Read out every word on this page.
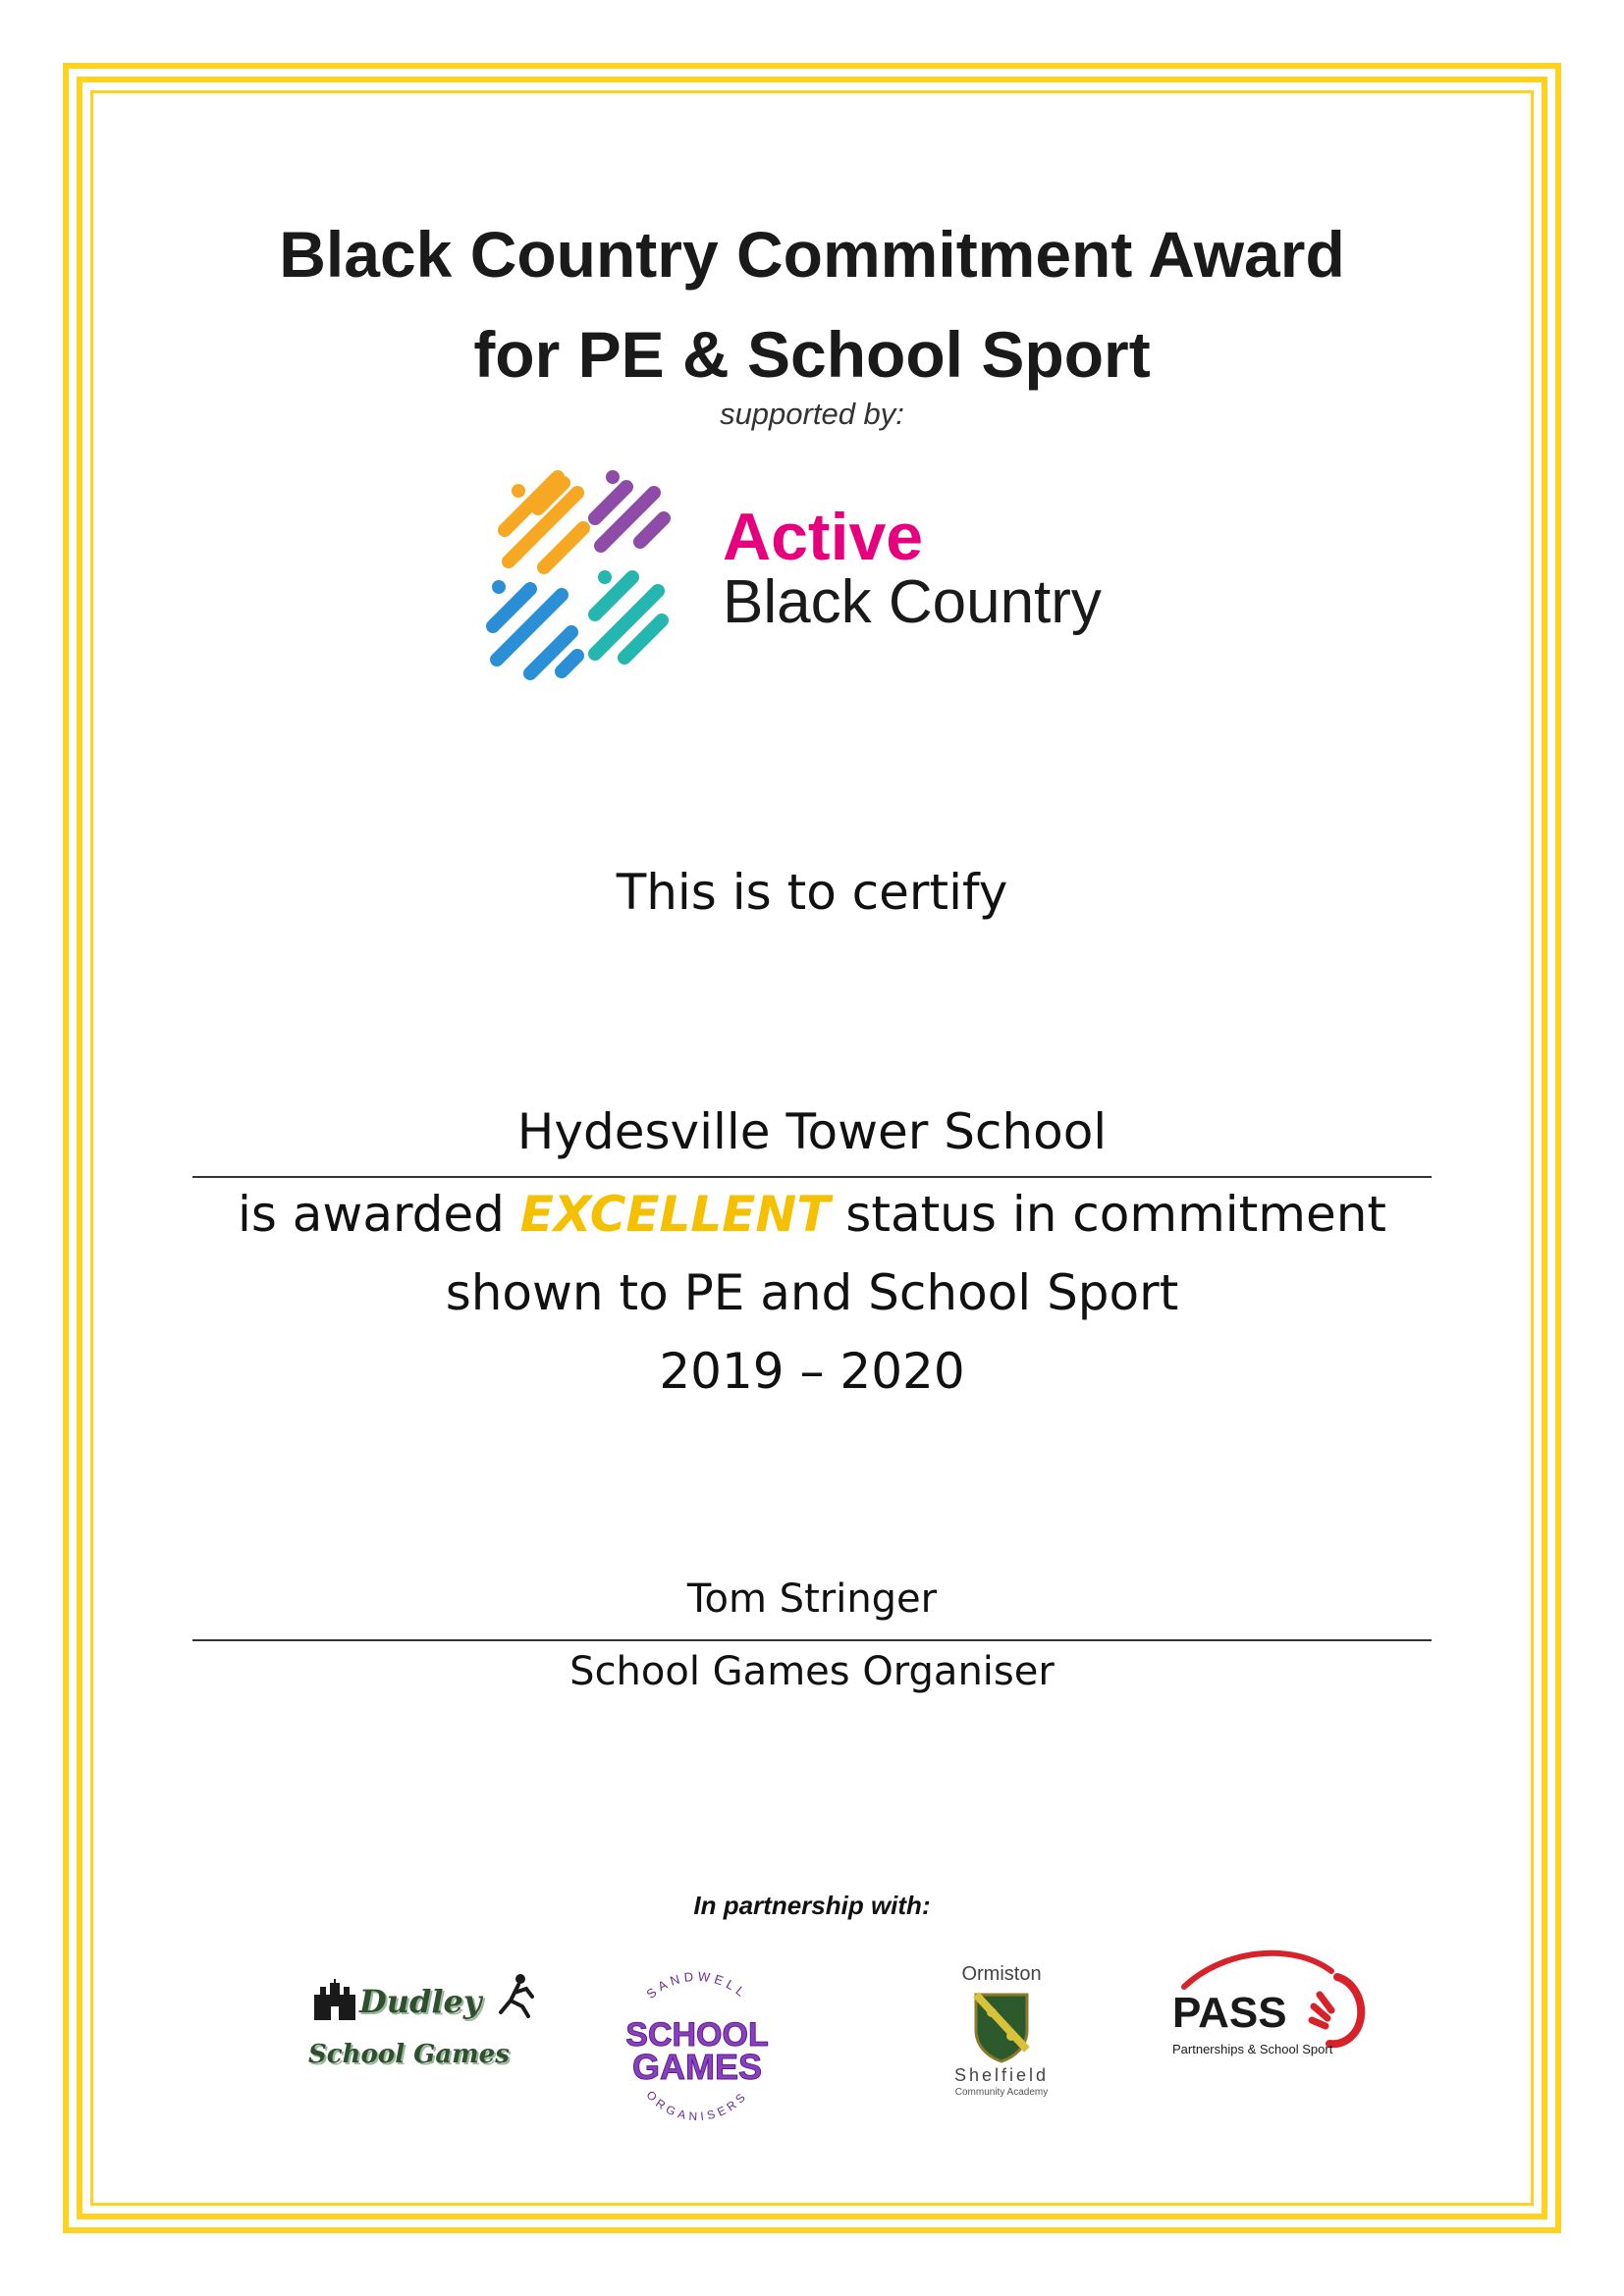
Black Country Commitment Award
for PE & School Sport
supported by:
Active
Black Country
This is to certify
Hydesville Tower School
is awarded EXCELLENT status in commitment
shown to PE and School Sport
2019 – 2020
Tom Stringer
School Games Organiser
In partnership with:
Dudley
School Games
SANDWELL
SCHOOL
GAMES
ORGANISERS
Ormiston
Shelfield
Community Academy
PASS
Partnerships & School Sport
